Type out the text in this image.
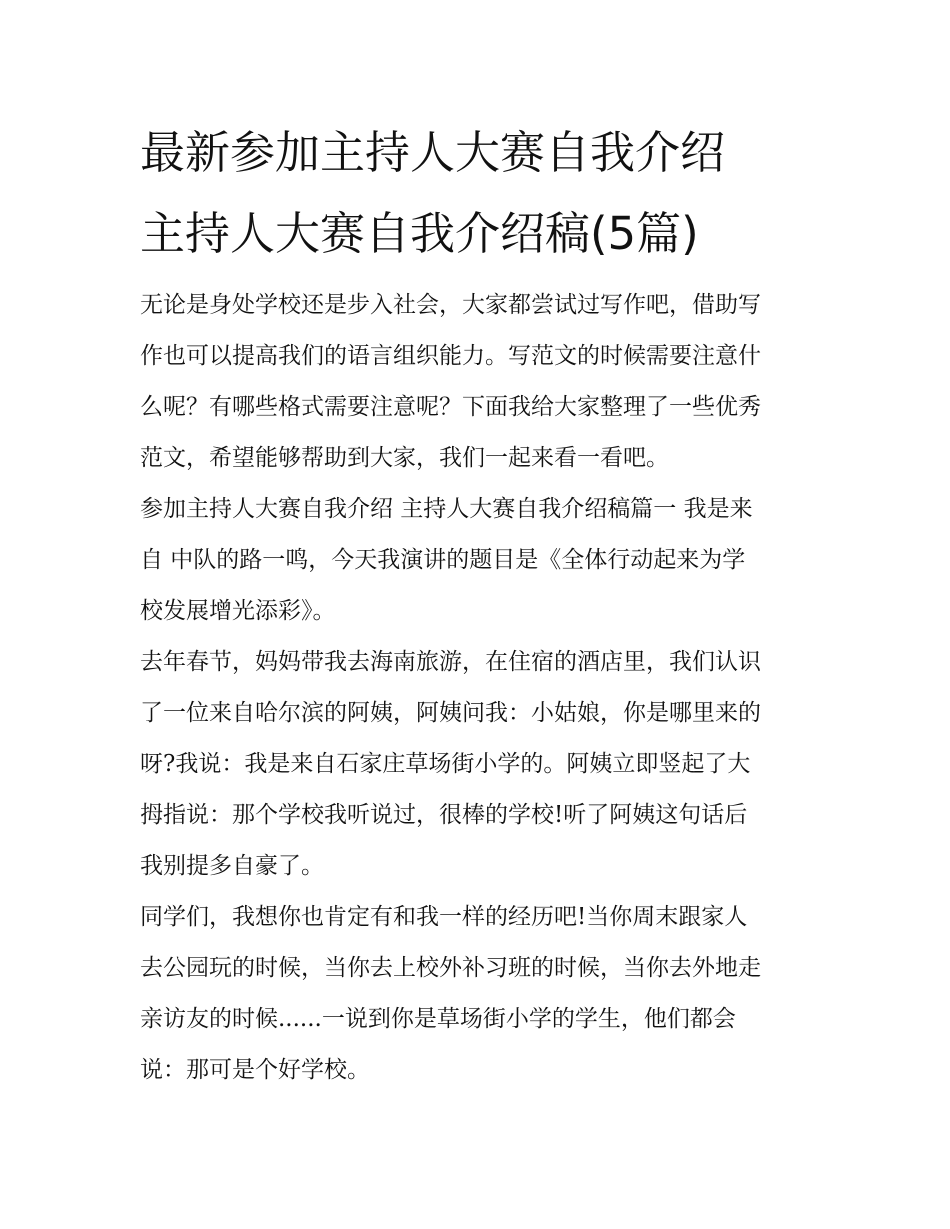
最新参加主持人大赛自我介绍
主持人大赛自我介绍稿(5篇)

无论是身处学校还是步入社会，大家都尝试过写作吧，借助写
作也可以提高我们的语言组织能力。写范文的时候需要注意什
么呢？有哪些格式需要注意呢？下面我给大家整理了一些优秀
范文，希望能够帮助到大家，我们一起来看一看吧。

参加主持人大赛自我介绍 主持人大赛自我介绍稿篇一 我是来
自 中队的路一鸣，今天我演讲的题目是《全体行动起来为学
校发展增光添彩》。

去年春节，妈妈带我去海南旅游，在住宿的酒店里，我们认识
了一位来自哈尔滨的阿姨，阿姨问我：小姑娘，你是哪里来的
呀?我说：我是来自石家庄草场街小学的。阿姨立即竖起了大
拇指说：那个学校我听说过，很棒的学校!听了阿姨这句话后
我别提多自豪了。

同学们，我想你也肯定有和我一样的经历吧!当你周末跟家人
去公园玩的时候，当你去上校外补习班的时候，当你去外地走
亲访友的时候......一说到你是草场街小学的学生，他们都会
说：那可是个好学校。
